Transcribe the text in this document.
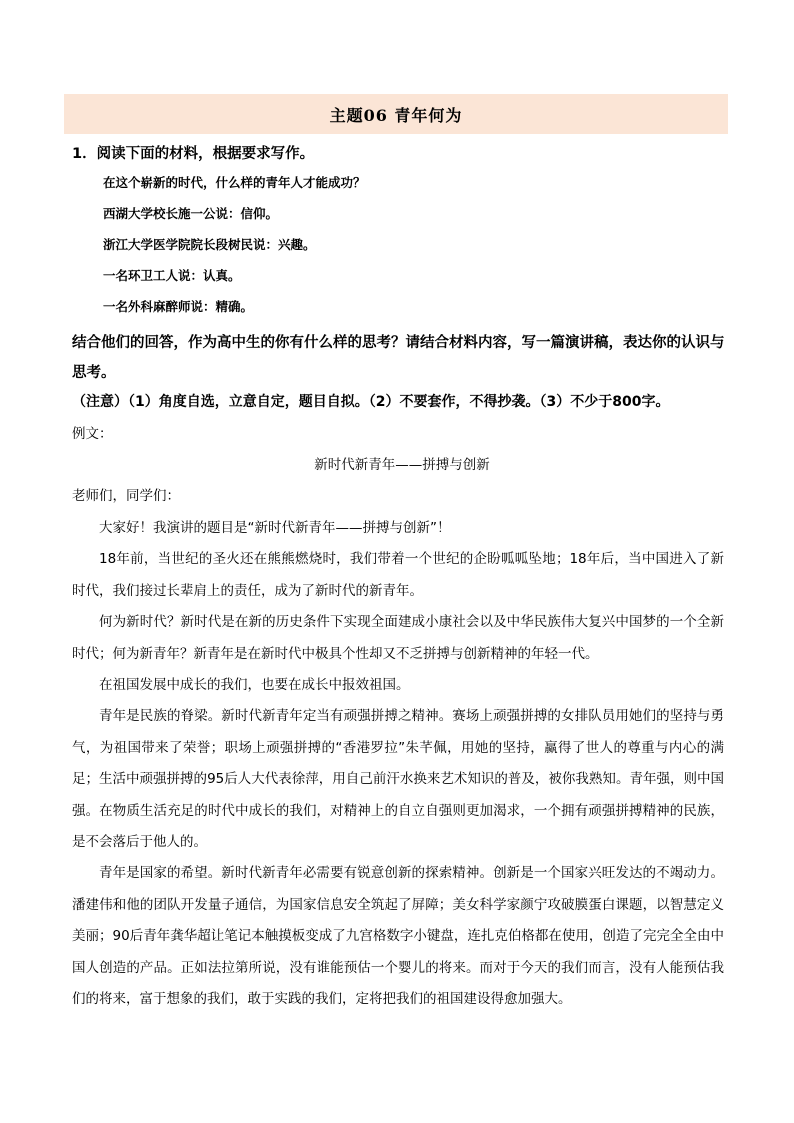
主题06 青年何为
1．阅读下面的材料，根据要求写作。
在这个崭新的时代，什么样的青年人才能成功？
西湖大学校长施一公说：信仰。
浙江大学医学院院长段树民说：兴趣。
一名环卫工人说：认真。
一名外科麻醉师说：精确。
结合他们的回答，作为高中生的你有什么样的思考？请结合材料内容，写一篇演讲稿，表达你的认识与思考。
（注意）（1）角度自选，立意自定，题目自拟。（2）不要套作，不得抄袭。（3）不少于800字。
例文：
新时代新青年——拼搏与创新
老师们，同学们：

大家好！我演讲的题目是“新时代新青年——拼搏与创新”！

18年前，当世纪的圣火还在熊熊燃烧时，我们带着一个世纪的企盼呱呱坠地；18年后，当中国进入了新时代，我们接过长辈肩上的责任，成为了新时代的新青年。

何为新时代？新时代是在新的历史条件下实现全面建成小康社会以及中华民族伟大复兴中国梦的一个全新时代；何为新青年？新青年是在新时代中极具个性却又不乏拼搏与创新精神的年轻一代。

在祖国发展中成长的我们，也要在成长中报效祖国。

青年是民族的脊梁。新时代新青年定当有顽强拼搏之精神。赛场上顽强拼搏的女排队员用她们的坚持与勇气，为祖国带来了荣誉；职场上顽强拼搏的“香港罗拉”朱芊佩，用她的坚持，赢得了世人的尊重与内心的满足；生活中顽强拼搏的95后人大代表徐萍，用自己前汗水换来艺术知识的普及，被你我熟知。青年强，则中国强。在物质生活充足的时代中成长的我们，对精神上的自立自强则更加渴求，一个拥有顽强拼搏精神的民族，是不会落后于他人的。

青年是国家的希望。新时代新青年必需要有锐意创新的探索精神。创新是一个国家兴旺发达的不竭动力。潘建伟和他的团队开发量子通信，为国家信息安全筑起了屏障；美女科学家颜宁攻破膜蛋白课题，以智慧定义美丽；90后青年龚华超让笔记本触摸板变成了九宫格数字小键盘，连扎克伯格都在使用，创造了完完全全由中国人创造的产品。正如法拉第所说，没有谁能预估一个婴儿的将来。而对于今天的我们而言，没有人能预估我们的将来，富于想象的我们，敢于实践的我们，定将把我们的祖国建设得愈加强大。
